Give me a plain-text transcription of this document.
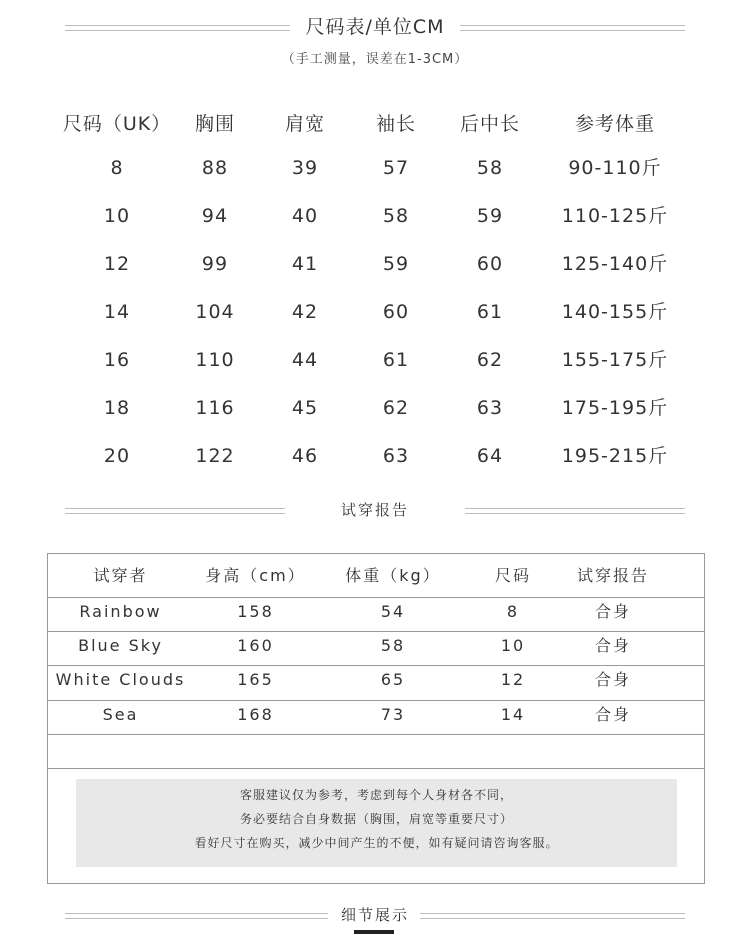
尺码表/单位CM
（手工测量，误差在1-3CM）
尺码（UK）	胸围	肩宽	袖长	后中长	参考体重
8	88	39	57	58	90-110斤
10	94	40	58	59	110-125斤
12	99	41	59	60	125-140斤
14	104	42	60	61	140-155斤
16	110	44	61	62	155-175斤
18	116	45	62	63	175-195斤
20	122	46	63	64	195-215斤
试穿报告
试穿者	身高（cm）	体重（kg）	尺码	试穿报告
Rainbow	158	54	8	合身
Blue Sky	160	58	10	合身
White Clouds	165	65	12	合身
Sea	168	73	14	合身
客服建议仅为参考，考虑到每个人身材各不同，
务必要结合自身数据（胸围，肩宽等重要尺寸）
看好尺寸在购买，减少中间产生的不便，如有疑问请咨询客服。
细节展示
